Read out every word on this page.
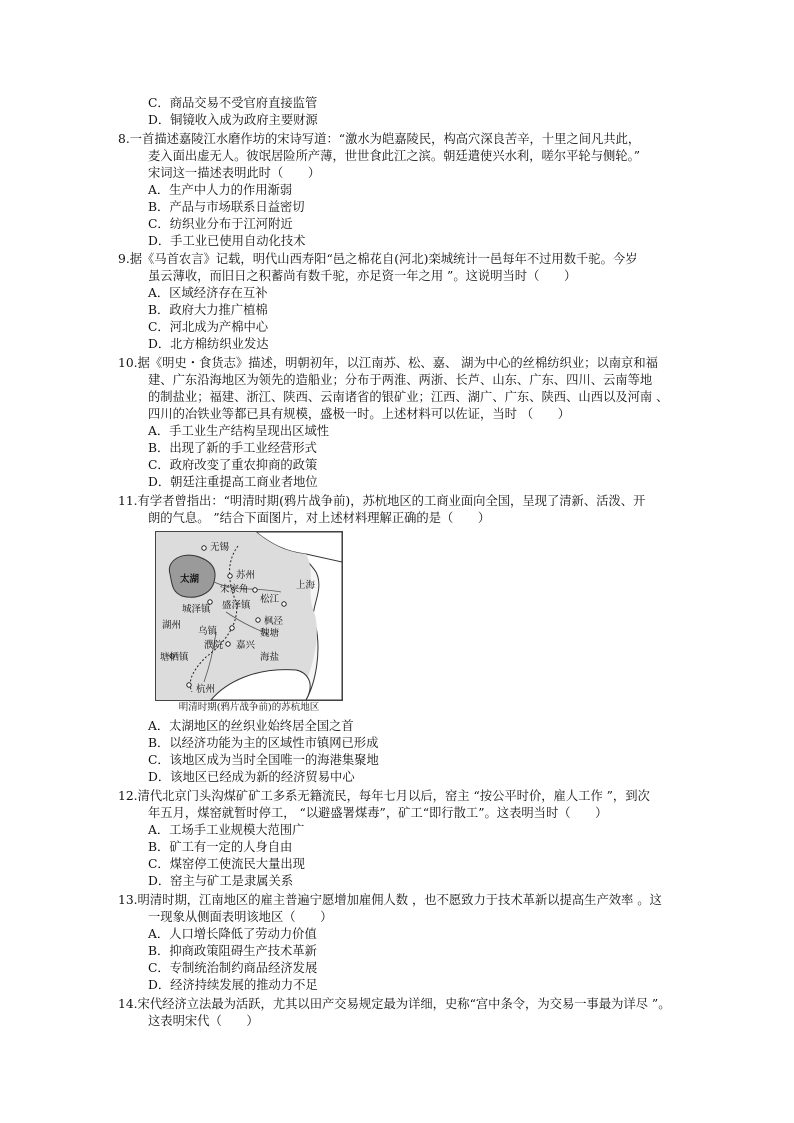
C．商品交易不受官府直接监管
D．铜镜收入成为政府主要财源
8.一首描述嘉陵江水磨作坊的宋诗写道：“激水为皑嘉陵民，构高穴深良苦辛，十里之间凡共此，
麦入面出虚无人。彼氓居险所产薄，世世食此江之滨。朝廷遣使兴水利，嗟尔平轮与侧轮。”
宋词这一描述表明此时（　　）
A．生产中人力的作用渐弱
B．产品与市场联系日益密切
C．纺织业分布于江河附近
D．手工业已使用自动化技术
9.据《马首农言》记载，明代山西寿阳“邑之棉花自(河北)栾城统计一邑每年不过用数千驼。今岁
虽云薄收，而旧日之积蓄尚有数千驼，亦足资一年之用 ”。这说明当时（　　）
A．区域经济存在互补
B．政府大力推广植棉
C．河北成为产棉中心
D．北方棉纺织业发达
10.据《明史・食货志》描述，明朝初年，以江南苏、松、嘉、 湖为中心的丝棉纺织业；以南京和福
建、广东沿海地区为领先的造船业；分布于两淮、两浙、长芦、山东、广东、四川、云南等地
的制盐业；福建、浙江、陕西、云南诸省的银矿业；江西、湖广、广东、陕西、山西以及河南 、
四川的冶铁业等都已具有规模，盛极一时。上述材料可以佐证，当时 （　　）
A．手工业生产结构呈现出区域性
B．出现了新的手工业经营形式
C．政府改变了重农抑商的政策
D．朝廷注重提高工商业者地位
11.有学者曾指出：“明清时期(鸦片战争前)，苏杭地区的工商业面向全国，呈现了清新、活泼、开
朗的气息。 ”结合下面图片，对上述材料理解正确的是（　　）
无锡
太湖	苏州
宋家角	上海
松江
城泽镇 盛泽镇
湖州
乌镇
枫泾
魏塘
濮院 嘉兴
塘栖镇	海盐
杭州
明清时期(鸦片战争前)的苏杭地区
A．太湖地区的丝织业始终居全国之首
B．以经济功能为主的区域性市镇网已形成
C．该地区成为当时全国唯一的海港集聚地
D．该地区已经成为新的经济贸易中心
12.清代北京门头沟煤矿矿工多系无籍流民，每年七月以后，窑主 “按公平时价，雇人工作 ”，到次
年五月，煤窑就暂时停工， “以避盛署煤毒”，矿工“即行散工”。这表明当时（　　）
A．工场手工业规模大范围广
B．矿工有一定的人身自由
C．煤窑停工使流民大量出现
D．窑主与矿工是隶属关系
13.明清时期，江南地区的雇主普遍宁愿增加雇佣人数 ，也不愿致力于技术革新以提高生产效率 。这
一现象从侧面表明该地区（　　）
A．人口增长降低了劳动力价值
B．抑商政策阻碍生产技术革新
C．专制统治制约商品经济发展
D．经济持续发展的推动力不足
14.宋代经济立法最为活跃，尤其以田产交易规定最为详细，史称“宫中条令，为交易一事最为详尽 ”。
这表明宋代（　　）
